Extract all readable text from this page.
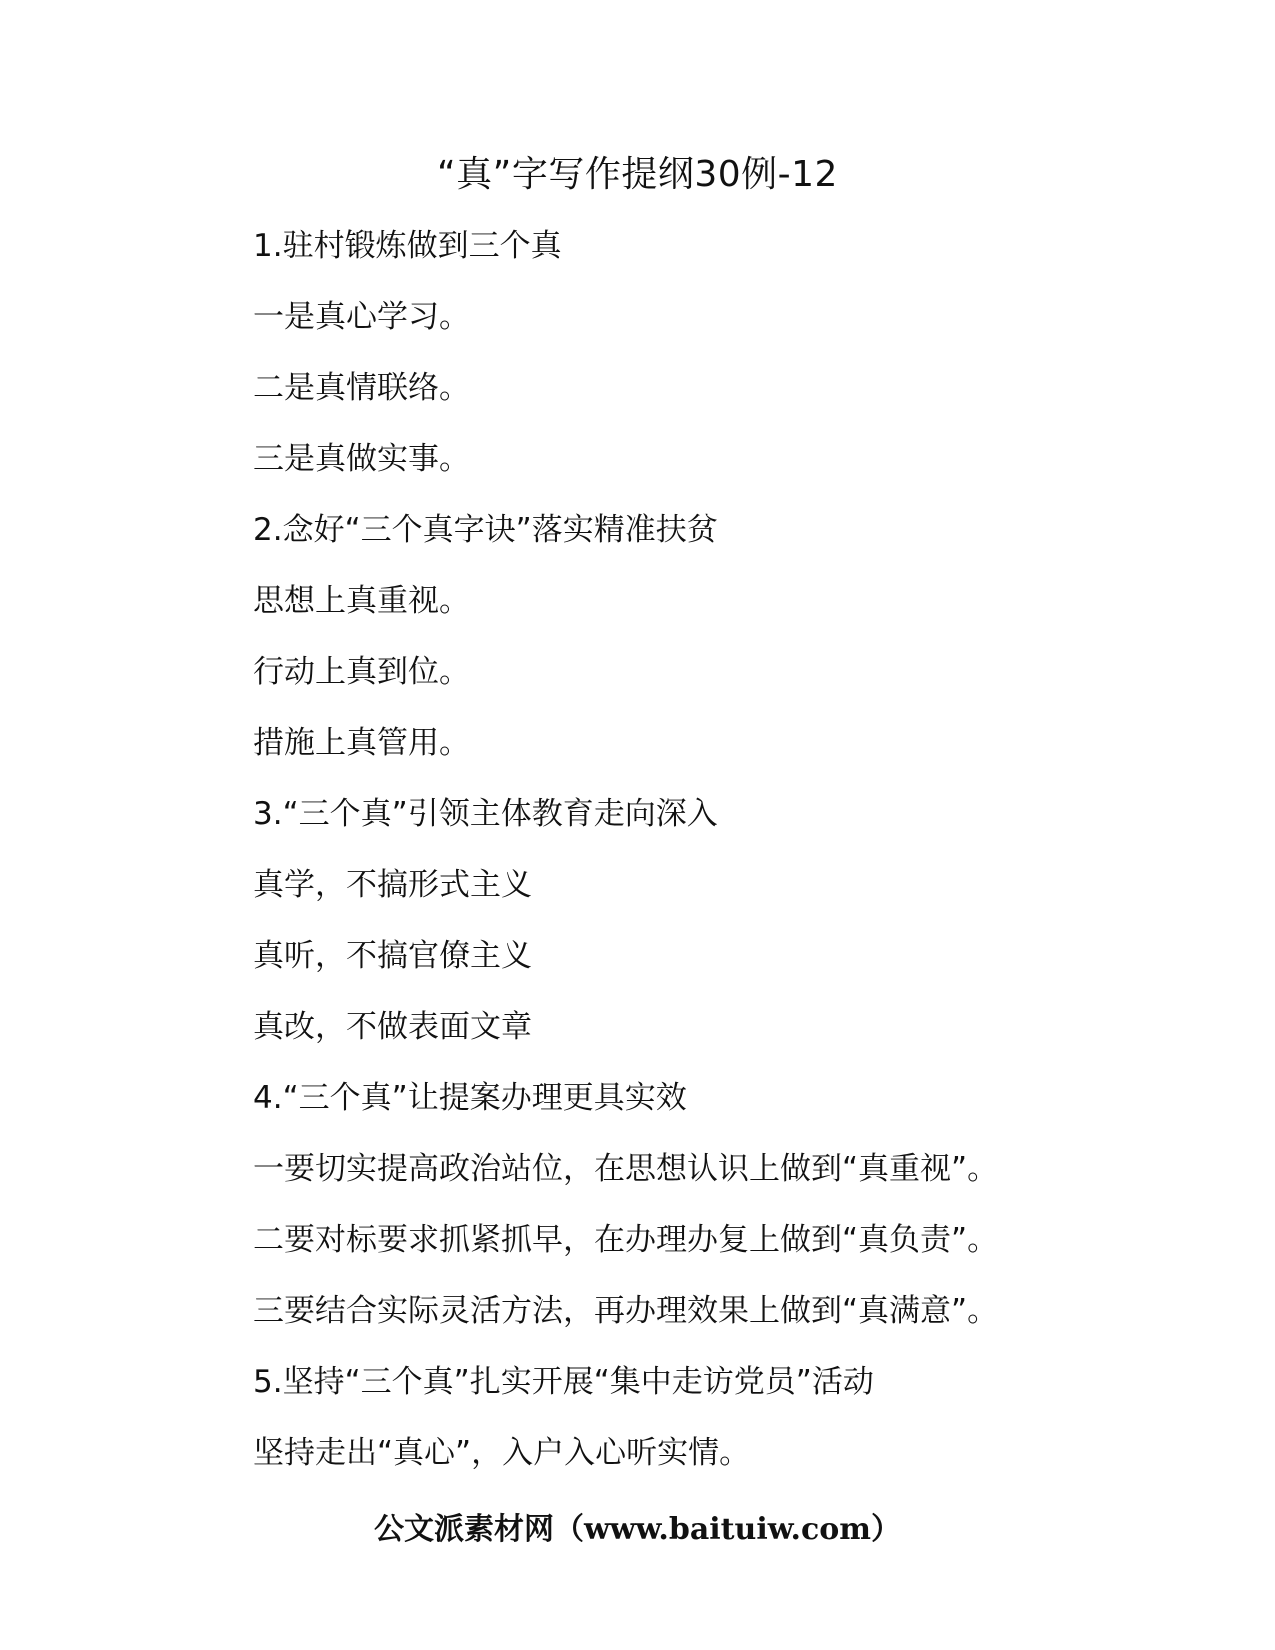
“真”字写作提纲30例-12
1.驻村锻炼做到三个真
一是真心学习。
二是真情联络。
三是真做实事。
2.念好“三个真字诀”落实精准扶贫
思想上真重视。
行动上真到位。
措施上真管用。
3.“三个真”引领主体教育走向深入
真学，不搞形式主义
真听，不搞官僚主义
真改，不做表面文章
4.“三个真”让提案办理更具实效
一要切实提高政治站位，在思想认识上做到“真重视”。
二要对标要求抓紧抓早，在办理办复上做到“真负责”。
三要结合实际灵活方法，再办理效果上做到“真满意”。
5.坚持“三个真”扎实开展“集中走访党员”活动
坚持走出“真心”，入户入心听实情。
公文派素材网（www.baituiw.com）
